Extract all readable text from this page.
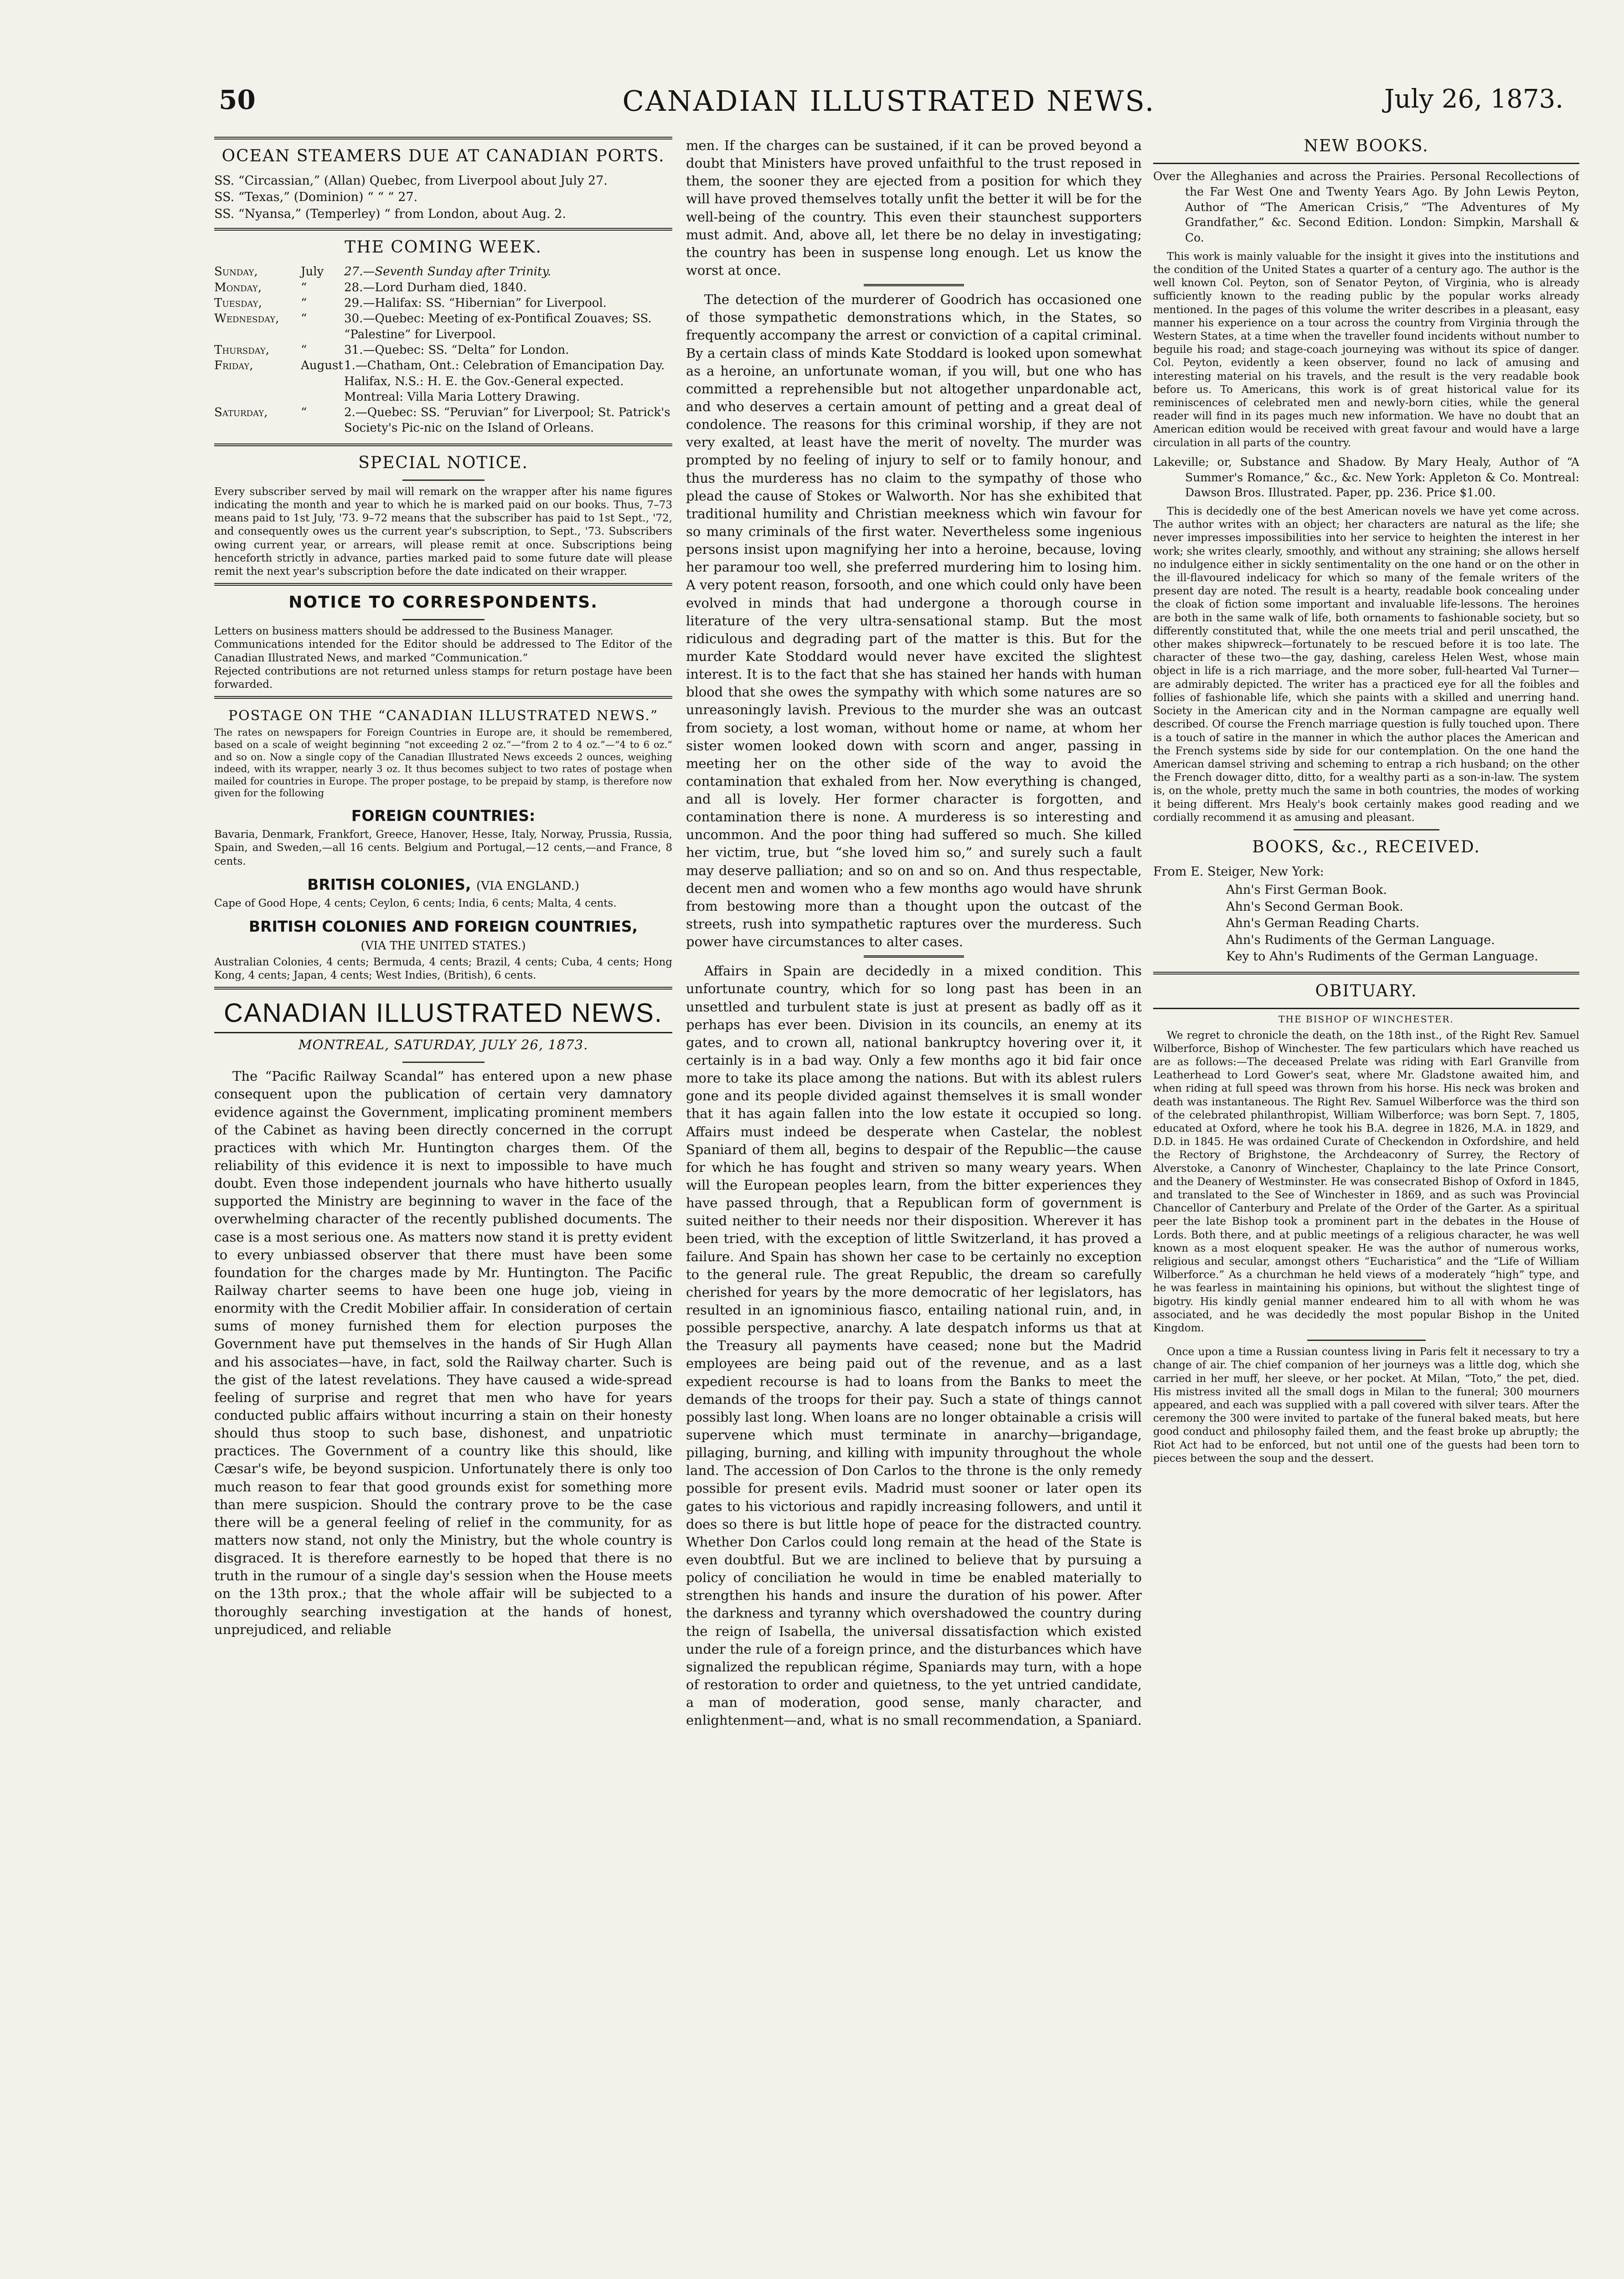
50	CANADIAN ILLUSTRATED NEWS.	July 26, 1873.
OCEAN STEAMERS DUE AT CANADIAN PORTS.
SS. “Circassian,” (Allan) Quebec, from Liverpool about July 27.
SS. “Texas,” (Dominion) “ “ “ 27.
SS. “Nyansa,” (Temperley) “ from London, about Aug. 2.
THE COMING WEEK.
Sunday,	July	27.—Seventh Sunday after Trinity.
Monday,	“	28.—Lord Durham died, 1840.
Tuesday,	“	29.—Halifax: SS. “Hibernian” for Liverpool.
Wednesday,	“	30.—Quebec: Meeting of ex-Pontifical Zouaves; SS. “Palestine” for Liverpool.
Thursday,	“	31.—Quebec: SS. “Delta” for London.
Friday,	August 1.—Chatham, Ont.: Celebration of Emancipation Day. Halifax, N.S.: H. E. the Gov.-General expected. Montreal: Villa Maria Lottery Drawing.
Saturday,	“	2.—Quebec: SS. “Peruvian” for Liverpool; St. Patrick's Society's Pic-nic on the Island of Orleans.
SPECIAL NOTICE.

Every subscriber served by mail will remark on the wrapper after his name figures indicating the month and year to which he is marked paid on our books. Thus, 7–73 means paid to 1st July, '73. 9–72 means that the subscriber has paid to 1st Sept., '72, and consequently owes us the current year's subscription, to Sept., '73. Subscribers owing current year, or arrears, will please remit at once. Subscriptions being henceforth strictly in advance, parties marked paid to some future date will please remit the next year's subscription before the date indicated on their wrapper.

NOTICE TO CORRESPONDENTS.

Letters on business matters should be addressed to the Business Manager.

Communications intended for the Editor should be addressed to The Editor of the Canadian Illustrated News, and marked “Communication.”

Rejected contributions are not returned unless stamps for return postage have been forwarded.

POSTAGE ON THE “CANADIAN ILLUSTRATED NEWS.”

The rates on newspapers for Foreign Countries in Europe are, it should be remembered, based on a scale of weight beginning “not exceeding 2 oz.”—“from 2 to 4 oz.”—“4 to 6 oz.” and so on. Now a single copy of the Canadian Illustrated News exceeds 2 ounces, weighing indeed, with its wrapper, nearly 3 oz. It thus becomes subject to two rates of postage when mailed for countries in Europe. The proper postage, to be prepaid by stamp, is therefore now given for the following

FOREIGN COUNTRIES:

Bavaria, Denmark, Frankfort, Greece, Hanover, Hesse, Italy, Norway, Prussia, Russia, Spain, and Sweden,—all 16 cents. Belgium and Portugal,—12 cents,—and France, 8 cents.

BRITISH COLONIES, (VIA ENGLAND.)

Cape of Good Hope, 4 cents; Ceylon, 6 cents; India, 6 cents; Malta, 4 cents.

BRITISH COLONIES AND FOREIGN COUNTRIES,
(VIA THE UNITED STATES.)

Australian Colonies, 4 cents; Bermuda, 4 cents; Brazil, 4 cents; Cuba, 4 cents; Hong Kong, 4 cents; Japan, 4 cents; West Indies, (British), 6 cents.

CANADIAN ILLUSTRATED NEWS.
MONTREAL, SATURDAY, JULY 26, 1873.

The “Pacific Railway Scandal” has entered upon a new phase consequent upon the publication of certain very damnatory evidence against the Government, implicating prominent members of the Cabinet as having been directly concerned in the corrupt practices with which Mr. Huntington charges them. Of the reliability of this evidence it is next to impossible to have much doubt. Even those independent journals who have hitherto usually supported the Ministry are beginning to waver in the face of the overwhelming character of the recently published documents. The case is a most serious one. As matters now stand it is pretty evident to every unbiassed observer that there must have been some foundation for the charges made by Mr. Huntington. The Pacific Railway charter seems to have been one huge job, vieing in enormity with the Credit Mobilier affair. In consideration of certain sums of money furnished them for election purposes the Government have put themselves in the hands of Sir Hugh Allan and his associates—have, in fact, sold the Railway charter. Such is the gist of the latest revelations. They have caused a wide-spread feeling of surprise and regret that men who have for years conducted public affairs without incurring a stain on their honesty should thus stoop to such base, dishonest, and unpatriotic practices. The Government of a country like this should, like Cæsar's wife, be beyond suspicion. Unfortunately there is only too much reason to fear that good grounds exist for something more than mere suspicion. Should the contrary prove to be the case there will be a general feeling of relief in the community, for as matters now stand, not only the Ministry, but the whole country is disgraced. It is therefore earnestly to be hoped that there is no truth in the rumour of a single day's session when the House meets on the 13th prox.; that the whole affair will be subjected to a thoroughly searching investigation at the hands of honest, unprejudiced, and reliable

men. If the charges can be sustained, if it can be proved beyond a doubt that Ministers have proved unfaithful to the trust reposed in them, the sooner they are ejected from a position for which they will have proved themselves totally unfit the better it will be for the well-being of the country. This even their staunchest supporters must admit. And, above all, let there be no delay in investigating; the country has been in suspense long enough. Let us know the worst at once.

The detection of the murderer of Goodrich has occasioned one of those sympathetic demonstrations which, in the States, so frequently accompany the arrest or conviction of a capital criminal. By a certain class of minds Kate Stoddard is looked upon somewhat as a heroine, an unfortunate woman, if you will, but one who has committed a reprehensible but not altogether unpardonable act, and who deserves a certain amount of petting and a great deal of condolence. The reasons for this criminal worship, if they are not very exalted, at least have the merit of novelty. The murder was prompted by no feeling of injury to self or to family honour, and thus the murderess has no claim to the sympathy of those who plead the cause of Stokes or Walworth. Nor has she exhibited that traditional humility and Christian meekness which win favour for so many criminals of the first water. Nevertheless some ingenious persons insist upon magnifying her into a heroine, because, loving her paramour too well, she preferred murdering him to losing him. A very potent reason, forsooth, and one which could only have been evolved in minds that had undergone a thorough course in literature of the very ultra-sensational stamp. But the most ridiculous and degrading part of the matter is this. But for the murder Kate Stoddard would never have excited the slightest interest. It is to the fact that she has stained her hands with human blood that she owes the sympathy with which some natures are so unreasoningly lavish. Previous to the murder she was an outcast from society, a lost woman, without home or name, at whom her sister women looked down with scorn and anger, passing in meeting her on the other side of the way to avoid the contamination that exhaled from her. Now everything is changed, and all is lovely. Her former character is forgotten, and contamination there is none. A murderess is so interesting and uncommon. And the poor thing had suffered so much. She killed her victim, true, but “she loved him so,” and surely such a fault may deserve palliation; and so on and so on. And thus respectable, decent men and women who a few months ago would have shrunk from bestowing more than a thought upon the outcast of the streets, rush into sympathetic raptures over the murderess. Such power have circumstances to alter cases.

Affairs in Spain are decidedly in a mixed condition. This unfortunate country, which for so long past has been in an unsettled and turbulent state is just at present as badly off as it perhaps has ever been. Division in its councils, an enemy at its gates, and to crown all, national bankruptcy hovering over it, it certainly is in a bad way. Only a few months ago it bid fair once more to take its place among the nations. But with its ablest rulers gone and its people divided against themselves it is small wonder that it has again fallen into the low estate it occupied so long. Affairs must indeed be desperate when Castelar, the noblest Spaniard of them all, begins to despair of the Republic—the cause for which he has fought and striven so many weary years. When will the European peoples learn, from the bitter experiences they have passed through, that a Republican form of government is suited neither to their needs nor their disposition. Wherever it has been tried, with the exception of little Switzerland, it has proved a failure. And Spain has shown her case to be certainly no exception to the general rule. The great Republic, the dream so carefully cherished for years by the more democratic of her legislators, has resulted in an ignominious fiasco, entailing national ruin, and, in possible perspective, anarchy. A late despatch informs us that at the Treasury all payments have ceased; none but the Madrid employees are being paid out of the revenue, and as a last expedient recourse is had to loans from the Banks to meet the demands of the troops for their pay. Such a state of things cannot possibly last long. When loans are no longer obtainable a crisis will supervene which must terminate in anarchy—brigandage, pillaging, burning, and killing with impunity throughout the whole land. The accession of Don Carlos to the throne is the only remedy possible for present evils. Madrid must sooner or later open its gates to his victorious and rapidly increasing followers, and until it does so there is but little hope of peace for the distracted country. Whether Don Carlos could long remain at the head of the State is even doubtful. But we are inclined to believe that by pursuing a policy of conciliation he would in time be enabled materially to strengthen his hands and insure the duration of his power. After the darkness and tyranny which overshadowed the country during the reign of Isabella, the universal dissatisfaction which existed under the rule of a foreign prince, and the disturbances which have signalized the republican régime, Spaniards may turn, with a hope of restoration to order and quietness, to the yet untried candidate, a man of moderation, good sense, manly character, and enlightenment—and, what is no small recommendation, a Spaniard.

NEW BOOKS.

Over the Alleghanies and across the Prairies. Personal Recollections of the Far West One and Twenty Years Ago. By John Lewis Peyton, Author of “The American Crisis,” “The Adventures of My Grandfather,” &c. Second Edition. London: Simpkin, Marshall & Co.

This work is mainly valuable for the insight it gives into the institutions and the condition of the United States a quarter of a century ago. The author is the well known Col. Peyton, son of Senator Peyton, of Virginia, who is already sufficiently known to the reading public by the popular works already mentioned. In the pages of this volume the writer describes in a pleasant, easy manner his experience on a tour across the country from Virginia through the Western States, at a time when the traveller found incidents without number to beguile his road; and stage-coach journeying was without its spice of danger. Col. Peyton, evidently a keen observer, found no lack of amusing and interesting material on his travels, and the result is the very readable book before us. To Americans, this work is of great historical value for its reminiscences of celebrated men and newly-born cities, while the general reader will find in its pages much new information. We have no doubt that an American edition would be received with great favour and would have a large circulation in all parts of the country.

Lakeville; or, Substance and Shadow. By Mary Healy, Author of “A Summer's Romance,” &c., &c. New York: Appleton & Co. Montreal: Dawson Bros. Illustrated. Paper, pp. 236. Price $1.00.

This is decidedly one of the best American novels we have yet come across. The author writes with an object; her characters are natural as the life; she never impresses impossibilities into her service to heighten the interest in her work; she writes clearly, smoothly, and without any straining; she allows herself no indulgence either in sickly sentimentality on the one hand or on the other in the ill-flavoured indelicacy for which so many of the female writers of the present day are noted. The result is a hearty, readable book concealing under the cloak of fiction some important and invaluable life-lessons. The heroines are both in the same walk of life, both ornaments to fashionable society, but so differently constituted that, while the one meets trial and peril unscathed, the other makes shipwreck—fortunately to be rescued before it is too late. The character of these two—the gay, dashing, careless Helen West, whose main object in life is a rich marriage, and the more sober, full-hearted Val Turner—are admirably depicted. The writer has a practiced eye for all the foibles and follies of fashionable life, which she paints with a skilled and unerring hand. Society in the American city and in the Norman campagne are equally well described. Of course the French marriage question is fully touched upon. There is a touch of satire in the manner in which the author places the American and the French systems side by side for our contemplation. On the one hand the American damsel striving and scheming to entrap a rich husband; on the other the French dowager ditto, ditto, for a wealthy parti as a son-in-law. The system is, on the whole, pretty much the same in both countries, the modes of working it being different. Mrs Healy's book certainly makes good reading and we cordially recommend it as amusing and pleasant.

BOOKS, &c., RECEIVED.

From E. Steiger, New York:

Ahn's First German Book.

Ahn's Second German Book.

Ahn's German Reading Charts.

Ahn's Rudiments of the German Language.

Key to Ahn's Rudiments of the German Language.

OBITUARY.
THE BISHOP OF WINCHESTER.

We regret to chronicle the death, on the 18th inst., of the Right Rev. Samuel Wilberforce, Bishop of Winchester. The few particulars which have reached us are as follows:—The deceased Prelate was riding with Earl Granville from Leatherhead to Lord Gower's seat, where Mr. Gladstone awaited him, and when riding at full speed was thrown from his horse. His neck was broken and death was instantaneous. The Right Rev. Samuel Wilberforce was the third son of the celebrated philanthropist, William Wilberforce; was born Sept. 7, 1805, educated at Oxford, where he took his B.A. degree in 1826, M.A. in 1829, and D.D. in 1845. He was ordained Curate of Checkendon in Oxfordshire, and held the Rectory of Brighstone, the Archdeaconry of Surrey, the Rectory of Alverstoke, a Canonry of Winchester, Chaplaincy to the late Prince Consort, and the Deanery of Westminster. He was consecrated Bishop of Oxford in 1845, and translated to the See of Winchester in 1869, and as such was Provincial Chancellor of Canterbury and Prelate of the Order of the Garter. As a spiritual peer the late Bishop took a prominent part in the debates in the House of Lords. Both there, and at public meetings of a religious character, he was well known as a most eloquent speaker. He was the author of numerous works, religious and secular, amongst others “Eucharistica” and the “Life of William Wilberforce.” As a churchman he held views of a moderately “high” type, and he was fearless in maintaining his opinions, but without the slightest tinge of bigotry. His kindly genial manner endeared him to all with whom he was associated, and he was decidedly the most popular Bishop in the United Kingdom.

Once upon a time a Russian countess living in Paris felt it necessary to try a change of air. The chief companion of her journeys was a little dog, which she carried in her muff, her sleeve, or her pocket. At Milan, “Toto,” the pet, died. His mistress invited all the small dogs in Milan to the funeral; 300 mourners appeared, and each was supplied with a pall covered with silver tears. After the ceremony the 300 were invited to partake of the funeral baked meats, but here good conduct and philosophy failed them, and the feast broke up abruptly; the Riot Act had to be enforced, but not until one of the guests had been torn to pieces between the soup and the dessert.
